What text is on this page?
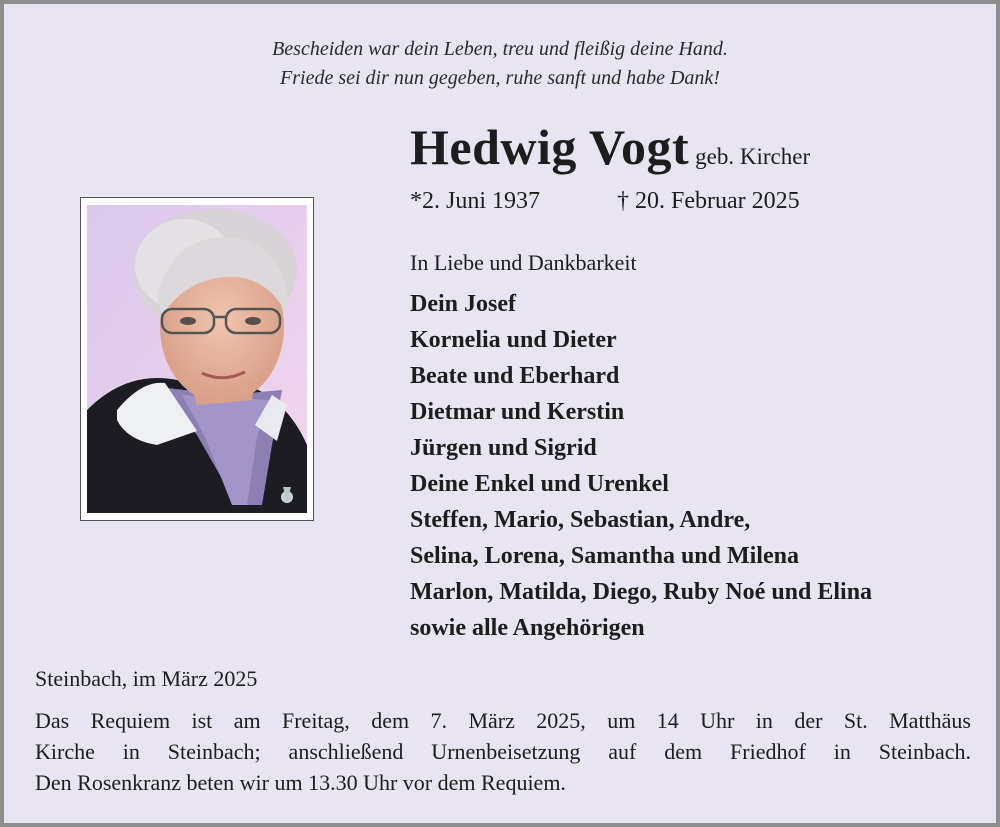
Bescheiden war dein Leben, treu und fleißig deine Hand.
Friede sei dir nun gegeben, ruhe sanft und habe Dank!
Hedwig Vogt geb. Kircher
*2. Juni 1937	† 20. Februar 2025
In Liebe und Dankbarkeit
Dein Josef
Kornelia und Dieter
Beate und Eberhard
Dietmar und Kerstin
Jürgen und Sigrid
Deine Enkel und Urenkel
Steffen, Mario, Sebastian, Andre,
Selina, Lorena, Samantha und Milena
Marlon, Matilda, Diego, Ruby Noé und Elina
sowie alle Angehörigen
Steinbach, im März 2025
Das Requiem ist am Freitag, dem 7. März 2025, um 14 Uhr in der St. Matthäus
Kirche in Steinbach; anschließend Urnenbeisetzung auf dem Friedhof in Steinbach.
Den Rosenkranz beten wir um 13.30 Uhr vor dem Requiem.
